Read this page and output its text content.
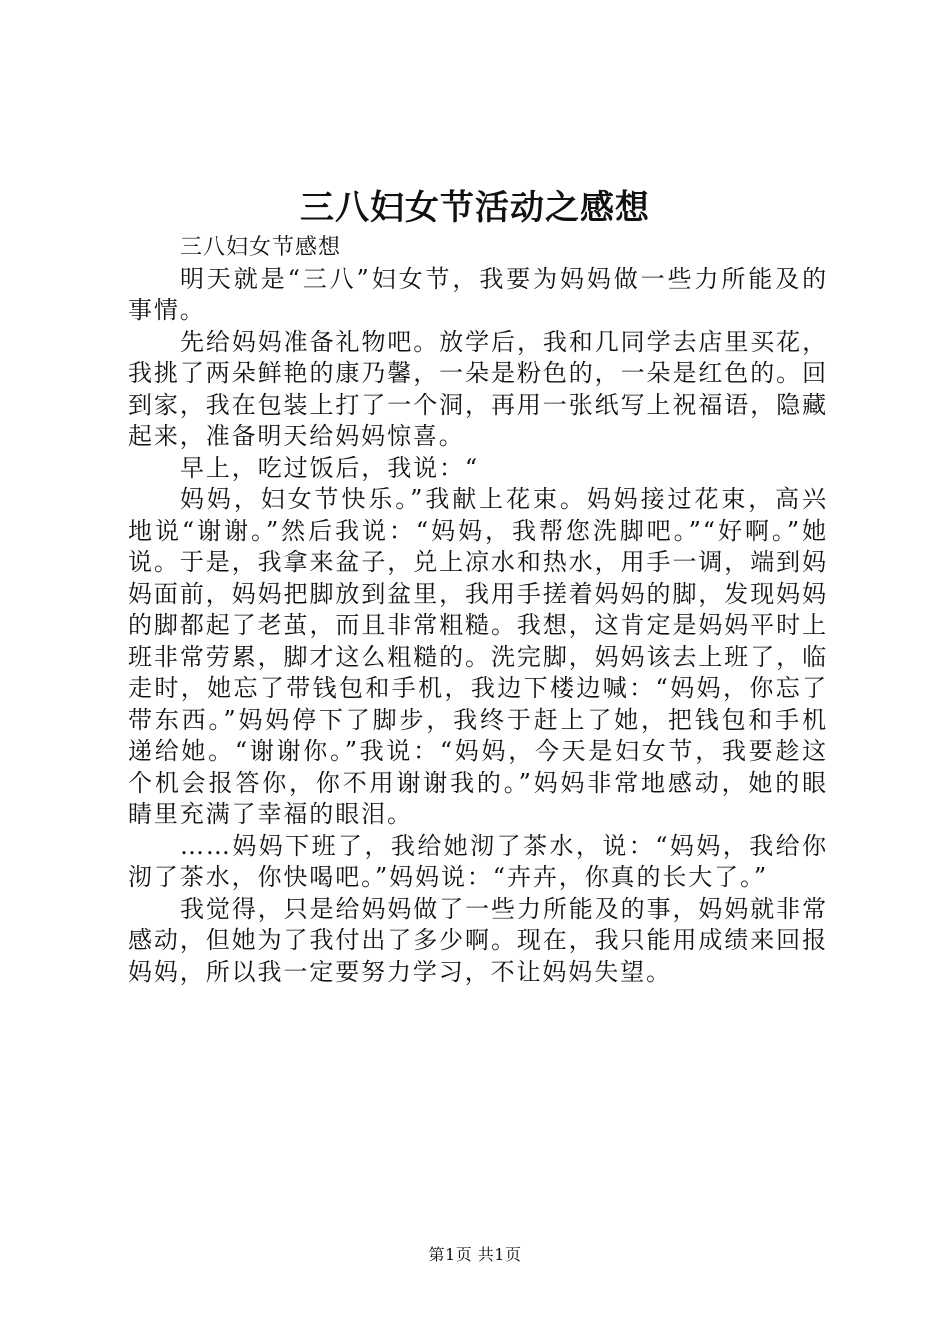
三八妇女节活动之感想

三八妇女节感想

明天就是“三八”妇女节，我要为妈妈做一些力所能及的事情。

先给妈妈准备礼物吧。放学后，我和几同学去店里买花，我挑了两朵鲜艳的康乃馨，一朵是粉色的，一朵是红色的。回到家，我在包装上打了一个洞，再用一张纸写上祝福语，隐藏起来，准备明天给妈妈惊喜。

早上，吃过饭后，我说：“

妈妈，妇女节快乐。”我献上花束。妈妈接过花束，高兴地说“谢谢。”然后我说：“妈妈，我帮您洗脚吧。”“好啊。”她说。于是，我拿来盆子，兑上凉水和热水，用手一调，端到妈妈面前，妈妈把脚放到盆里，我用手搓着妈妈的脚，发现妈妈的脚都起了老茧，而且非常粗糙。我想，这肯定是妈妈平时上班非常劳累，脚才这么粗糙的。洗完脚，妈妈该去上班了，临走时，她忘了带钱包和手机，我边下楼边喊：“妈妈，你忘了带东西。”妈妈停下了脚步，我终于赶上了她，把钱包和手机递给她。“谢谢你。”我说：“妈妈，今天是妇女节，我要趁这个机会报答你，你不用谢谢我的。”妈妈非常地感动，她的眼睛里充满了幸福的眼泪。

……妈妈下班了，我给她沏了茶水，说：“妈妈，我给你沏了茶水，你快喝吧。”妈妈说：“卉卉，你真的长大了。”

我觉得，只是给妈妈做了一些力所能及的事，妈妈就非常感动，但她为了我付出了多少啊。现在，我只能用成绩来回报妈妈，所以我一定要努力学习，不让妈妈失望。

第1页 共1页
